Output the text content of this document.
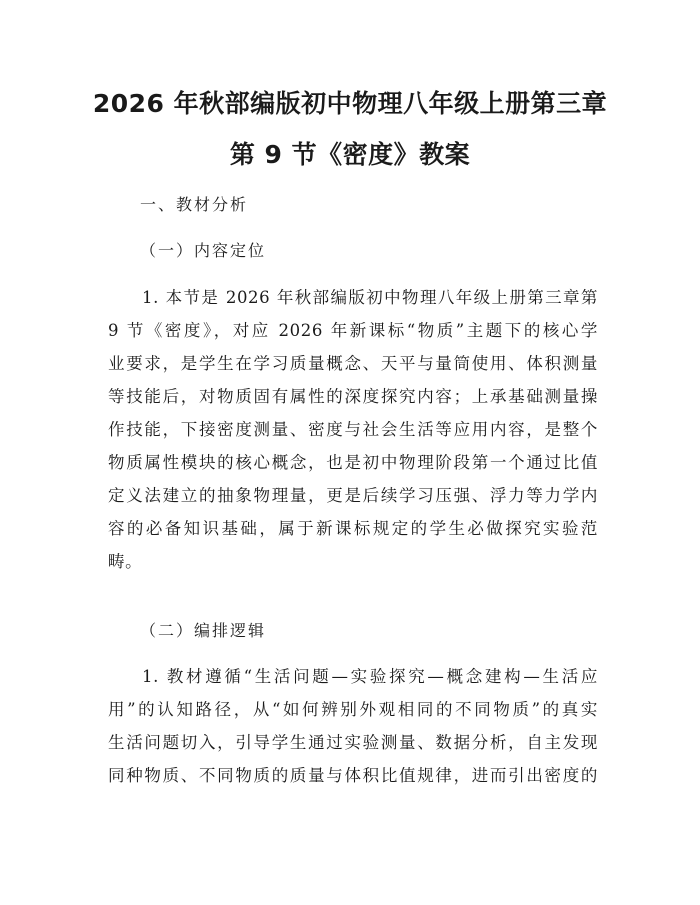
2026 年秋部编版初中物理八年级上册第三章
第 9 节《密度》教案

一、教材分析

（一）内容定位

1. 本节是 2026 年秋部编版初中物理八年级上册第三章第
9 节《密度》，对应 2026 年新课标“物质”主题下的核心学
业要求，是学生在学习质量概念、天平与量筒使用、体积测量
等技能后，对物质固有属性的深度探究内容；上承基础测量操
作技能，下接密度测量、密度与社会生活等应用内容，是整个
物质属性模块的核心概念，也是初中物理阶段第一个通过比值
定义法建立的抽象物理量，更是后续学习压强、浮力等力学内
容的必备知识基础，属于新课标规定的学生必做探究实验范
畴。

（二）编排逻辑

1. 教材遵循“生活问题—实验探究—概念建构—生活应
用”的认知路径，从“如何辨别外观相同的不同物质”的真实
生活问题切入，引导学生通过实验测量、数据分析，自主发现
同种物质、不同物质的质量与体积比值规律，进而引出密度的
